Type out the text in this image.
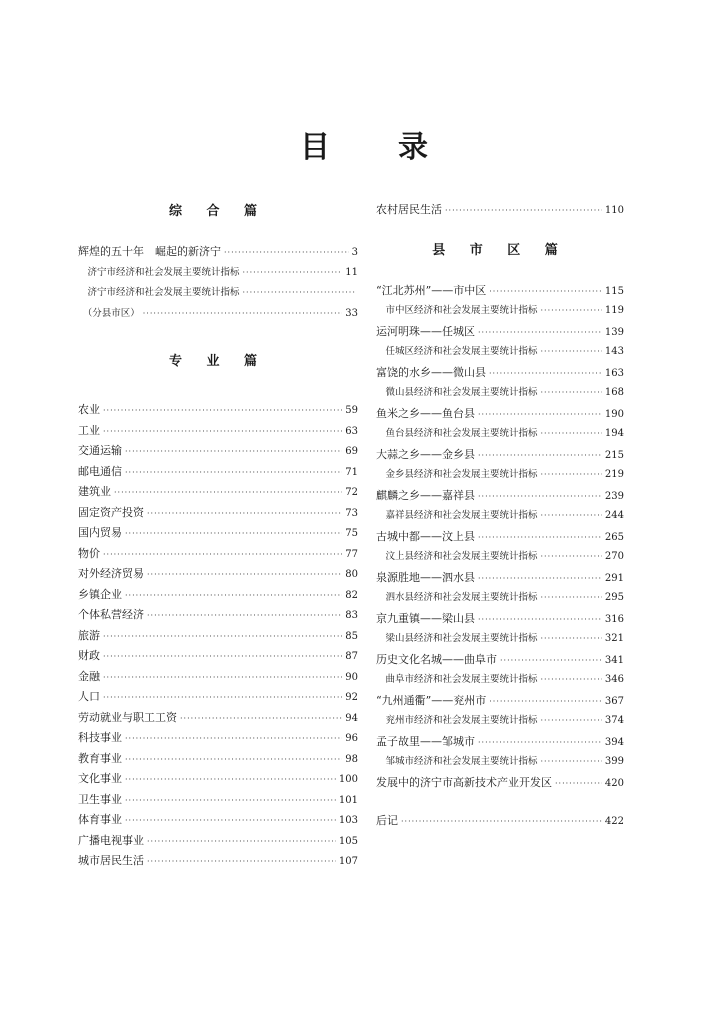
目 录
综 合 篇
辉煌的五十年　崛起的新济宁 ·····	3
　济宁市经济和社会发展主要统计指标 ·····	11
　济宁市经济和社会发展主要统计指标
·····
　（分县市区） ·····	33
专 业 篇
农业 ·····	59
工业 ·····	63
交通运输 ·····	69
邮电通信 ·····	71
建筑业 ·····	72
固定资产投资 ·····	73
国内贸易 ·····	75
物价 ·····	77
对外经济贸易 ·····	80
乡镇企业 ·····	82
个体私营经济 ·····	83
旅游 ·····	85
财政 ·····	87
金融 ·····	90
人口 ·····	92
劳动就业与职工工资 ·····	94
科技事业 ·····	96
教育事业 ·····	98
文化事业 ·····	100
卫生事业 ·····	101
体育事业 ·····	103
广播电视事业 ·····	105
城市居民生活 ·····	107
农村居民生活 ·····	110
县 市 区 篇
“江北苏州”——市中区 ·····	115
　市中区经济和社会发展主要统计指标 ·····	119
运河明珠——任城区 ·····	139
　任城区经济和社会发展主要统计指标 ·····	143
富饶的水乡——微山县 ·····	163
　微山县经济和社会发展主要统计指标 ·····	168
鱼米之乡——鱼台县 ·····	190
　鱼台县经济和社会发展主要统计指标 ·····	194
大蒜之乡——金乡县 ·····	215
　金乡县经济和社会发展主要统计指标 ·····	219
麒麟之乡——嘉祥县 ·····	239
　嘉祥县经济和社会发展主要统计指标 ·····	244
古城中都——汶上县 ·····	265
　汶上县经济和社会发展主要统计指标 ·····	270
泉源胜地——泗水县 ·····	291
　泗水县经济和社会发展主要统计指标 ·····	295
京九重镇——梁山县 ·····	316
　梁山县经济和社会发展主要统计指标 ·····	321
历史文化名城——曲阜市 ·····	341
　曲阜市经济和社会发展主要统计指标 ·····	346
“九州通衢”——兖州市 ·····	367
　兖州市经济和社会发展主要统计指标 ·····	374
孟子故里——邹城市 ·····	394
　邹城市经济和社会发展主要统计指标 ·····	399
发展中的济宁市高新技术产业开发区 ·····	420
后记 ·····	422
